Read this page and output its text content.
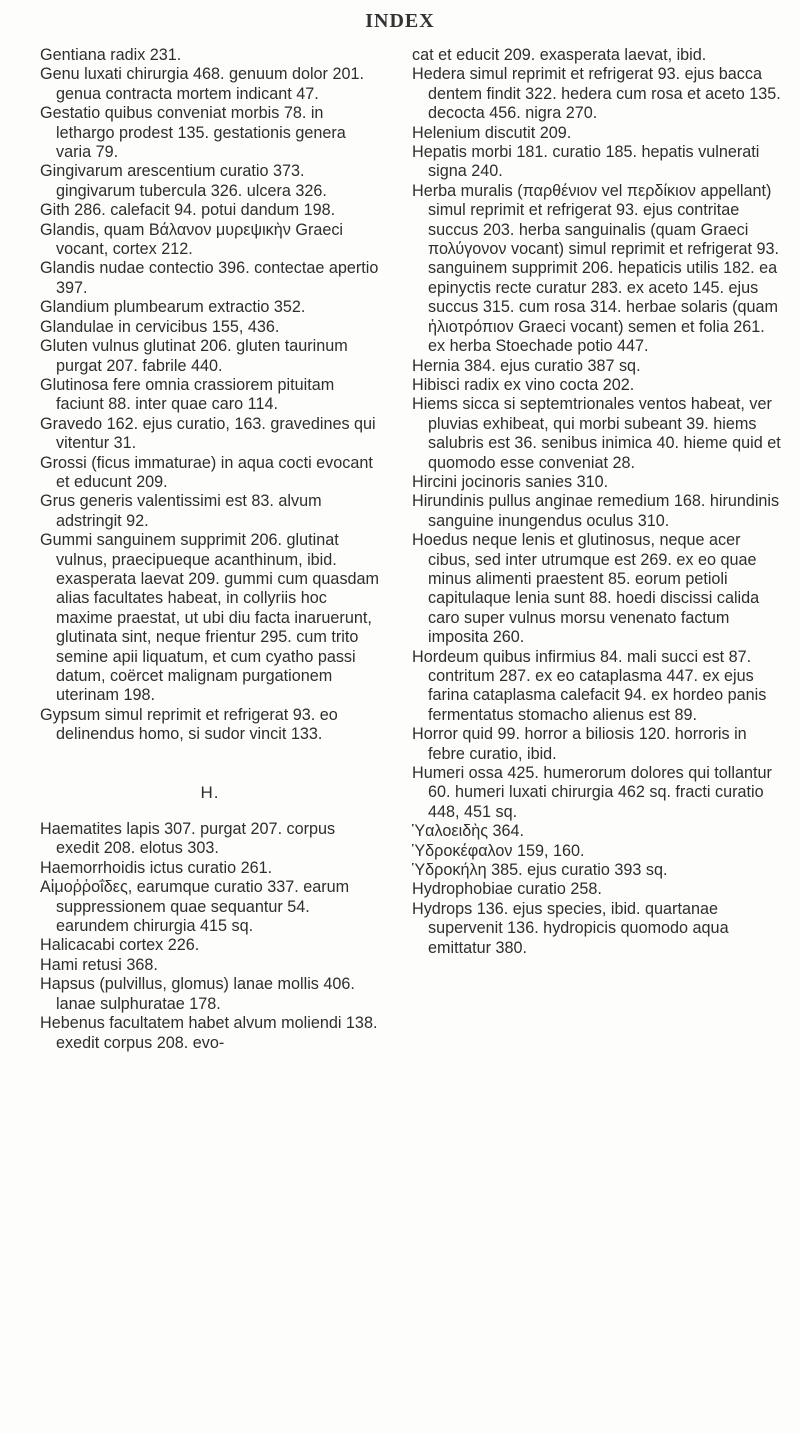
INDEX

Gentiana radix 231.

Genu luxati chirurgia 468. genuum dolor 201. genua contracta mortem indicant 47.

Gestatio quibus conveniat morbis 78. in lethargo prodest 135. gestationis genera varia 79.

Gingivarum arescentium curatio 373. gingivarum tubercula 326. ulcera 326.

Gith 286. calefacit 94. potui dandum 198.

Glandis, quam Βάλανον μυρεψικὴν Graeci vocant, cortex 212.

Glandis nudae contectio 396. contectae apertio 397.

Glandium plumbearum extractio 352.

Glandulae in cervicibus 155, 436.

Gluten vulnus glutinat 206. gluten taurinum purgat 207. fabrile 440.

Glutinosa fere omnia crassiorem pituitam faciunt 88. inter quae caro 114.

Gravedo 162. ejus curatio, 163. gravedines qui vitentur 31.

Grossi (ficus immaturae) in aqua cocti evocant et educunt 209.

Grus generis valentissimi est 83. alvum adstringit 92.

Gummi sanguinem supprimit 206. glutinat vulnus, praecipueque acanthinum, ibid. exasperata laevat 209. gummi cum quasdam alias facultates habeat, in collyriis hoc maxime praestat, ut ubi diu facta inaruerunt, glutinata sint, neque frientur 295. cum trito semine apii liquatum, et cum cyatho passi datum, coërcet malignam purgationem uterinam 198.

Gypsum simul reprimit et refrigerat 93. eo delinendus homo, si sudor vincit 133.

H.

Haematites lapis 307. purgat 207. corpus exedit 208. elotus 303.

Haemorrhoidis ictus curatio 261.

Αἱμοῤῥοΐδες, earumque curatio 337. earum suppressionem quae sequantur 54. earundem chirurgia 415 sq.

Halicacabi cortex 226.

Hami retusi 368.

Hapsus (pulvillus, glomus) lanae mollis 406. lanae sulphuratae 178.

Hebenus facultatem habet alvum moliendi 138. exedit corpus 208. evo-

cat et educit 209. exasperata laevat, ibid.

Hedera simul reprimit et refrigerat 93. ejus bacca dentem findit 322. hedera cum rosa et aceto 135. decocta 456. nigra 270.

Helenium discutit 209.

Hepatis morbi 181. curatio 185. hepatis vulnerati signa 240.

Herba muralis (παρθένιον vel περδίκιον appellant) simul reprimit et refrigerat 93. ejus contritae succus 203. herba sanguinalis (quam Graeci πολύγονον vocant) simul reprimit et refrigerat 93. sanguinem supprimit 206. hepaticis utilis 182. ea epinyctis recte curatur 283. ex aceto 145. ejus succus 315. cum rosa 314. herbae solaris (quam ἡλιοτρόπιον Graeci vocant) semen et folia 261. ex herba Stoechade potio 447.

Hernia 384. ejus curatio 387 sq.

Hibisci radix ex vino cocta 202.

Hiems sicca si septemtrionales ventos habeat, ver pluvias exhibeat, qui morbi subeant 39. hiems salubris est 36. senibus inimica 40. hieme quid et quomodo esse conveniat 28.

Hircini jocinoris sanies 310.

Hirundinis pullus anginae remedium 168. hirundinis sanguine inungendus oculus 310.

Hoedus neque lenis et glutinosus, neque acer cibus, sed inter utrumque est 269. ex eo quae minus alimenti praestent 85. eorum petioli capitulaque lenia sunt 88. hoedi discissi calida caro super vulnus morsu venenato factum imposita 260.

Hordeum quibus infirmius 84. mali succi est 87. contritum 287. ex eo cataplasma 447. ex ejus farina cataplasma calefacit 94. ex hordeo panis fermentatus stomacho alienus est 89.

Horror quid 99. horror a biliosis 120. horroris in febre curatio, ibid.

Humeri ossa 425. humerorum dolores qui tollantur 60. humeri luxati chirurgia 462 sq. fracti curatio 448, 451 sq.

Ὑαλοειδὴς 364.

Ὑδροκέφαλον 159, 160.

Ὑδροκήλη 385. ejus curatio 393 sq.

Hydrophobiae curatio 258.

Hydrops 136. ejus species, ibid. quartanae supervenit 136. hydropicis quomodo aqua emittatur 380.
